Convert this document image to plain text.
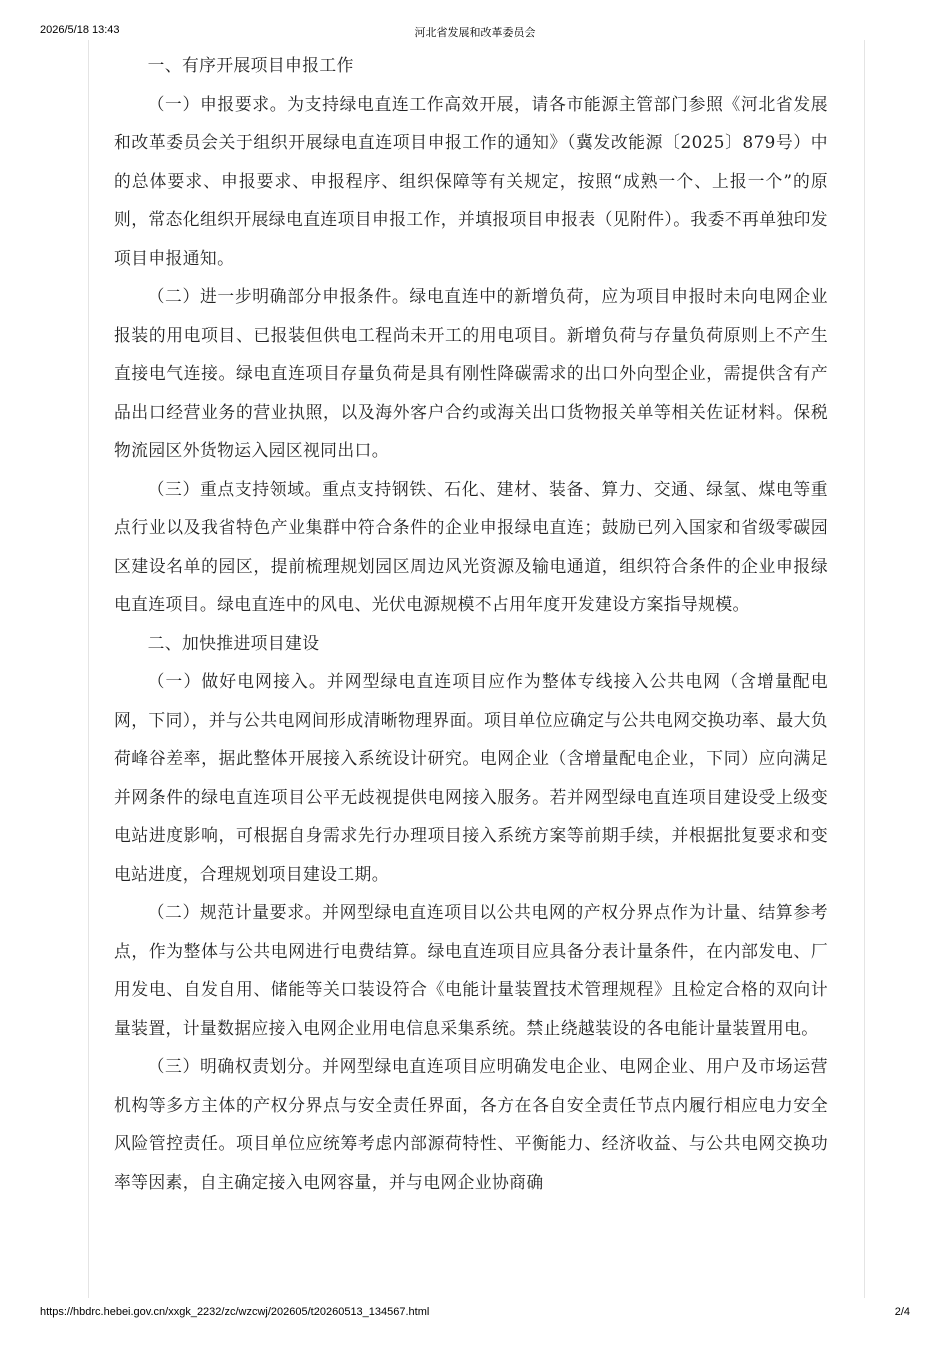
2026/5/18 13:43	河北省发展和改革委员会

一、有序开展项目申报工作

（一）申报要求。为支持绿电直连工作高效开展，请各市能源主管部门参照《河北省发展和改革委员会关于组织开展绿电直连项目申报工作的通知》（冀发改能源〔2025〕879号）中的总体要求、申报要求、申报程序、组织保障等有关规定，按照“成熟一个、上报一个”的原则，常态化组织开展绿电直连项目申报工作，并填报项目申报表（见附件）。我委不再单独印发项目申报通知。

（二）进一步明确部分申报条件。绿电直连中的新增负荷，应为项目申报时未向电网企业报装的用电项目、已报装但供电工程尚未开工的用电项目。新增负荷与存量负荷原则上不产生直接电气连接。绿电直连项目存量负荷是具有刚性降碳需求的出口外向型企业，需提供含有产品出口经营业务的营业执照，以及海外客户合约或海关出口货物报关单等相关佐证材料。保税物流园区外货物运入园区视同出口。

（三）重点支持领域。重点支持钢铁、石化、建材、装备、算力、交通、绿氢、煤电等重点行业以及我省特色产业集群中符合条件的企业申报绿电直连；鼓励已列入国家和省级零碳园区建设名单的园区，提前梳理规划园区周边风光资源及输电通道，组织符合条件的企业申报绿电直连项目。绿电直连中的风电、光伏电源规模不占用年度开发建设方案指导规模。

二、加快推进项目建设

（一）做好电网接入。并网型绿电直连项目应作为整体专线接入公共电网（含增量配电网，下同），并与公共电网间形成清晰物理界面。项目单位应确定与公共电网交换功率、最大负荷峰谷差率，据此整体开展接入系统设计研究。电网企业（含增量配电企业，下同）应向满足并网条件的绿电直连项目公平无歧视提供电网接入服务。若并网型绿电直连项目建设受上级变电站进度影响，可根据自身需求先行办理项目接入系统方案等前期手续，并根据批复要求和变电站进度，合理规划项目建设工期。

（二）规范计量要求。并网型绿电直连项目以公共电网的产权分界点作为计量、结算参考点，作为整体与公共电网进行电费结算。绿电直连项目应具备分表计量条件，在内部发电、厂用发电、自发自用、储能等关口装设符合《电能计量装置技术管理规程》且检定合格的双向计量装置，计量数据应接入电网企业用电信息采集系统。禁止绕越装设的各电能计量装置用电。

（三）明确权责划分。并网型绿电直连项目应明确发电企业、电网企业、用户及市场运营机构等多方主体的产权分界点与安全责任界面，各方在各自安全责任节点内履行相应电力安全风险管控责任。项目单位应统筹考虑内部源荷特性、平衡能力、经济收益、与公共电网交换功率等因素，自主确定接入电网容量，并与电网企业协商确

https://hbdrc.hebei.gov.cn/xxgk_2232/zc/wzcwj/202605/t20260513_134567.html	2/4
